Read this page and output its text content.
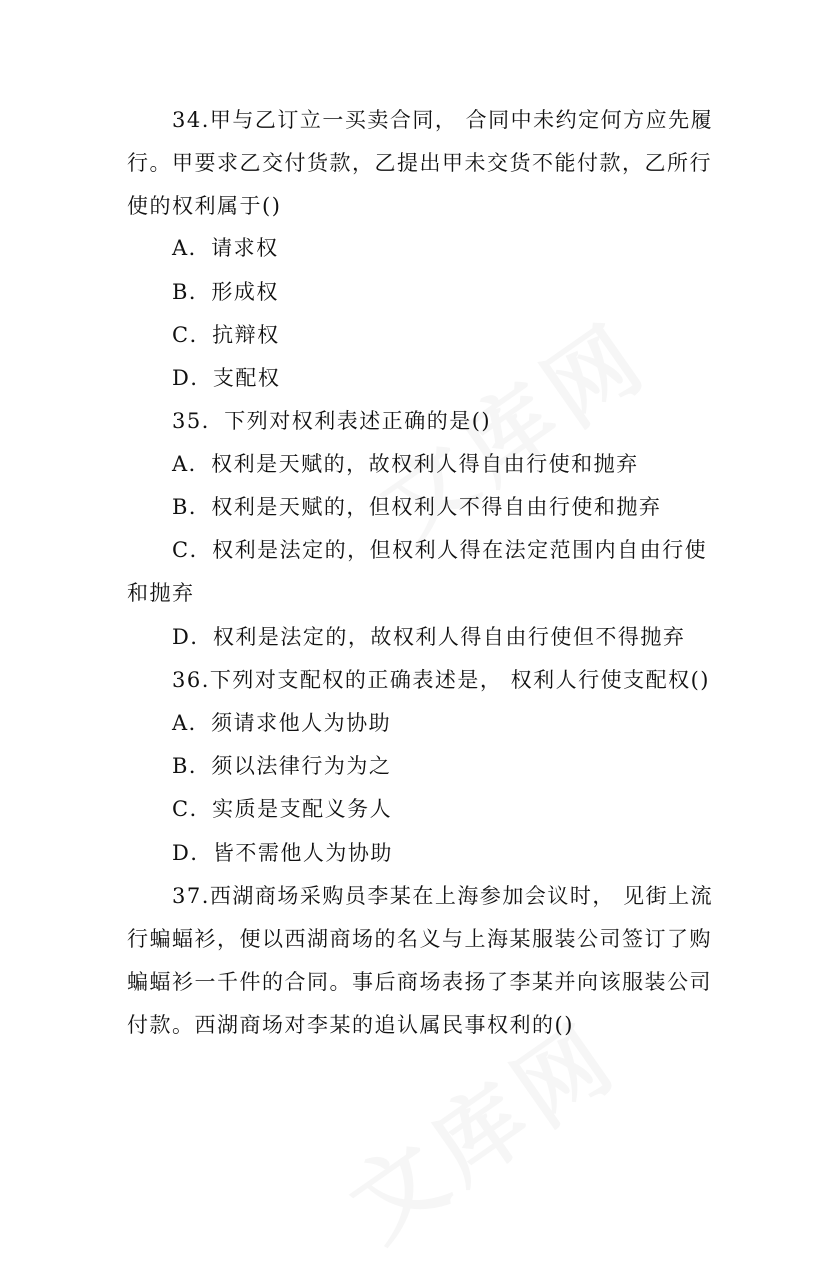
34.甲与乙订立一买卖合同， 合同中未约定何方应先履
行。甲要求乙交付货款，乙提出甲未交货不能付款，乙所行
使的权利属于()
A．请求权
B．形成权
C．抗辩权
D．支配权
35．下列对权利表述正确的是()
A．权利是天赋的，故权利人得自由行使和抛弃
B．权利是天赋的，但权利人不得自由行使和抛弃
C．权利是法定的，但权利人得在法定范围内自由行使
和抛弃
D．权利是法定的，故权利人得自由行使但不得抛弃
36.下列对支配权的正确表述是， 权利人行使支配权()
A．须请求他人为协助
B．须以法律行为为之
C．实质是支配义务人
D．皆不需他人为协助
37.西湖商场采购员李某在上海参加会议时， 见街上流
行蝙蝠衫，便以西湖商场的名义与上海某服装公司签订了购
蝙蝠衫一千件的合同。事后商场表扬了李某并向该服装公司
付款。西湖商场对李某的追认属民事权利的()
